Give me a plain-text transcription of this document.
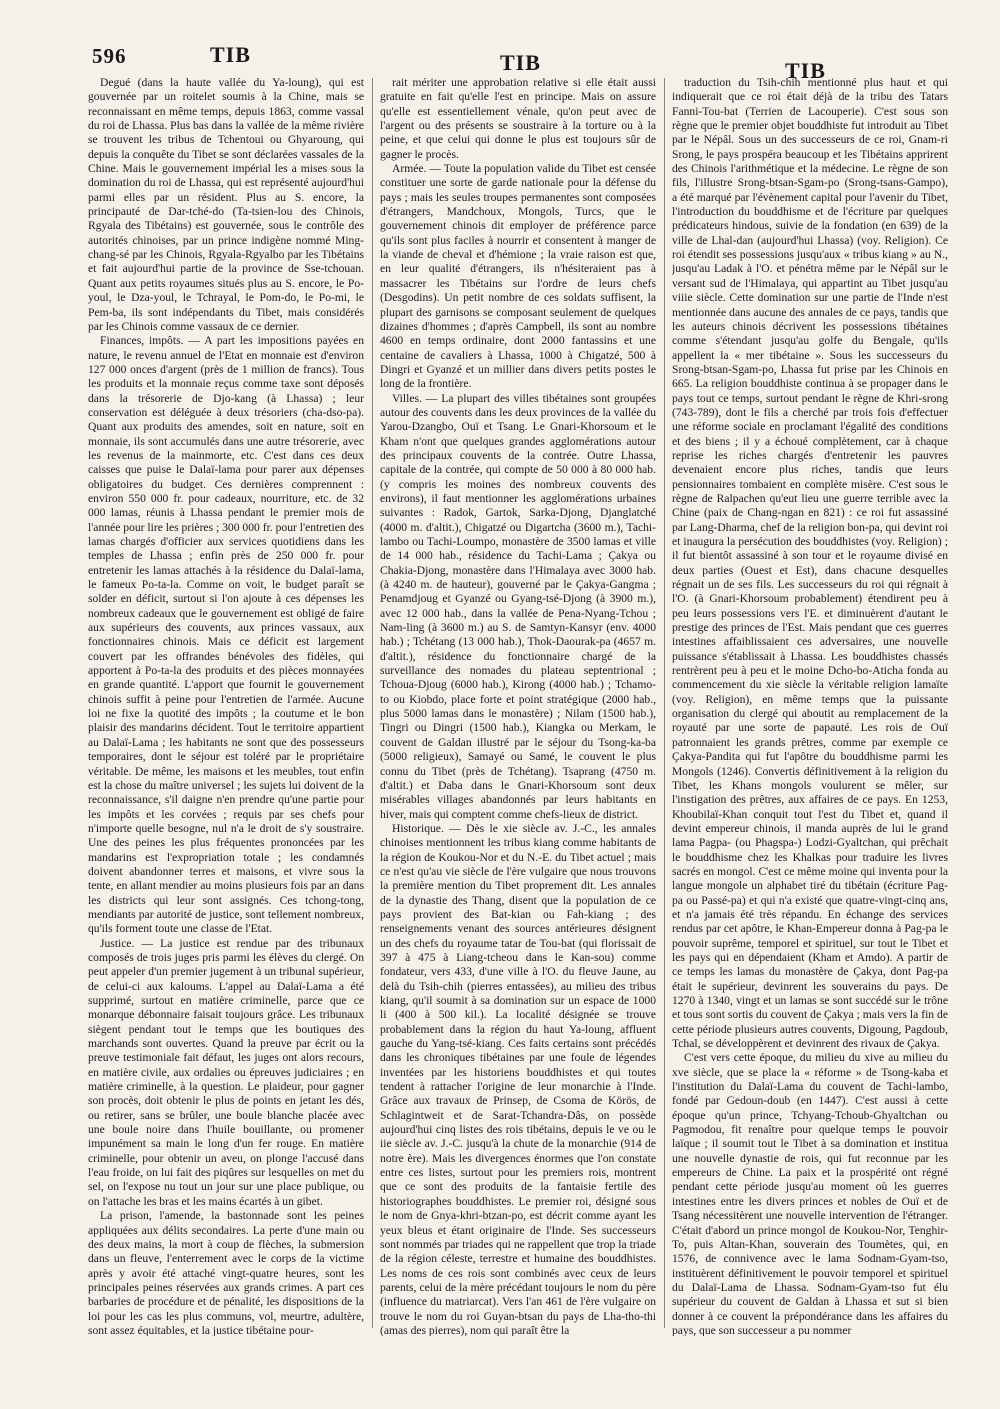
596	TIB	TIB	TIB

Degué (dans la haute vallée du Ya-loung), qui est gouvernée par un roitelet soumis à la Chine, mais se reconnaissant en même temps, depuis 1863, comme vassal du roi de Lhassa. Plus bas dans la vallée de la même rivière se trouvent les tribus de Tchentoui ou Ghyaroung, qui depuis la conquête du Tibet se sont déclarées vassales de la Chine. Mais le gouvernement impérial les a mises sous la domination du roi de Lhassa, qui est représenté aujourd'hui parmi elles par un résident. Plus au S. encore, la principauté de Dar-tché-do (Ta-tsien-lou des Chinois, Rgyala des Tibétains) est gouvernée, sous le contrôle des autorités chinoises, par un prince indigène nommé Ming-chang-sé par les Chinois, Rgyala-Rgyalbo par les Tibétains et fait aujourd'hui partie de la province de Sse-tchouan. Quant aux petits royaumes situés plus au S. encore, le Po-youl, le Dza-youl, le Tchrayal, le Pom-do, le Po-mi, le Pem-ba, ils sont indépendants du Tibet, mais considérés par les Chinois comme vassaux de ce dernier.

Finances, impôts. — A part les impositions payées en nature, le revenu annuel de l'Etat en monnaie est d'environ 127 000 onces d'argent (près de 1 million de francs). Tous les produits et la monnaie reçus comme taxe sont déposés dans la trésorerie de Djo-kang (à Lhassa) ; leur conservation est déléguée à deux trésoriers (cha-dso-pa). Quant aux produits des amendes, soit en nature, soit en monnaie, ils sont accumulés dans une autre trésorerie, avec les revenus de la mainmorte, etc. C'est dans ces deux caisses que puise le Dalaï-lama pour parer aux dépenses obligatoires du budget. Ces dernières comprennent : environ 550 000 fr. pour cadeaux, nourriture, etc. de 32 000 lamas, réunis à Lhassa pendant le premier mois de l'année pour lire les prières ; 300 000 fr. pour l'entretien des lamas chargés d'officier aux services quotidiens dans les temples de Lhassa ; enfin près de 250 000 fr. pour entretenir les lamas attachés à la résidence du Dalaï-lama, le fameux Po-ta-la. Comme on voit, le budget paraît se solder en déficit, surtout si l'on ajoute à ces dépenses les nombreux cadeaux que le gouvernement est obligé de faire aux supérieurs des couvents, aux princes vassaux, aux fonctionnaires chinois. Mais ce déficit est largement couvert par les offrandes bénévoles des fidèles, qui apportent à Po-ta-la des produits et des pièces monnayées en grande quantité. L'apport que fournit le gouvernement chinois suffit à peine pour l'entretien de l'armée. Aucune loi ne fixe la quotité des impôts ; la coutume et le bon plaisir des mandarins décident. Tout le territoire appartient au Dalaï-Lama ; les habitants ne sont que des possesseurs temporaires, dont le séjour est toléré par le propriétaire véritable. De même, les maisons et les meubles, tout enfin est la chose du maître universel ; les sujets lui doivent de la reconnaissance, s'il daigne n'en prendre qu'une partie pour les impôts et les corvées ; requis par ses chefs pour n'importe quelle besogne, nul n'a le droit de s'y soustraire. Une des peines les plus fréquentes prononcées par les mandarins est l'expropriation totale ; les condamnés doivent abandonner terres et maisons, et vivre sous la tente, en allant mendier au moins plusieurs fois par an dans les districts qui leur sont assignés. Ces tchong-tong, mendiants par autorité de justice, sont tellement nombreux, qu'ils forment toute une classe de l'Etat.

Justice. — La justice est rendue par des tribunaux composés de trois juges pris parmi les élèves du clergé. On peut appeler d'un premier jugement à un tribunal supérieur, de celui-ci aux kaloums. L'appel au Dalaï-Lama a été supprimé, surtout en matière criminelle, parce que ce monarque débonnaire faisait toujours grâce. Les tribunaux siègent pendant tout le temps que les boutiques des marchands sont ouvertes. Quand la preuve par écrit ou la preuve testimoniale fait défaut, les juges ont alors recours, en matière civile, aux ordalies ou épreuves judiciaires ; en matière criminelle, à la question. Le plaideur, pour gagner son procès, doit obtenir le plus de points en jetant les dés, ou retirer, sans se brûler, une boule blanche placée avec une boule noire dans l'huile bouillante, ou promener impunément sa main le long d'un fer rouge. En matière criminelle, pour obtenir un aveu, on plonge l'accusé dans l'eau froide, on lui fait des piqûres sur lesquelles on met du sel, on l'expose nu tout un jour sur une place publique, ou on l'attache les bras et les mains écartés à un gibet.

La prison, l'amende, la bastonnade sont les peines appliquées aux délits secondaires. La perte d'une main ou des deux mains, la mort à coup de flèches, la submersion dans un fleuve, l'enterrement avec le corps de la victime après y avoir été attaché vingt-quatre heures, sont les principales peines réservées aux grands crimes. A part ces barbaries de procédure et de pénalité, les dispositions de la loi pour les cas les plus communs, vol, meurtre, adultère, sont assez équitables, et la justice tibétaine pour-

rait mériter une approbation relative si elle était aussi gratuite en fait qu'elle l'est en principe. Mais on assure qu'elle est essentiellement vénale, qu'on peut avec de l'argent ou des présents se soustraire à la torture ou à la peine, et que celui qui donne le plus est toujours sûr de gagner le procès.

Armée. — Toute la population valide du Tibet est censée constituer une sorte de garde nationale pour la défense du pays ; mais les seules troupes permanentes sont composées d'étrangers, Mandchoux, Mongols, Turcs, que le gouvernement chinois dit employer de préférence parce qu'ils sont plus faciles à nourrir et consentent à manger de la viande de cheval et d'hémione ; la vraie raison est que, en leur qualité d'étrangers, ils n'hésiteraient pas à massacrer les Tibétains sur l'ordre de leurs chefs (Desgodins). Un petit nombre de ces soldats suffisent, la plupart des garnisons se composant seulement de quelques dizaines d'hommes ; d'après Campbell, ils sont au nombre 4600 en temps ordinaire, dont 2000 fantassins et une centaine de cavaliers à Lhassa, 1000 à Chigatzé, 500 à Dingri et Gyanzé et un millier dans divers petits postes le long de la frontière.

Villes. — La plupart des villes tibétaines sont groupées autour des couvents dans les deux provinces de la vallée du Yarou-Dzangbo, Ouï et Tsang. Le Gnari-Khorsoum et le Kham n'ont que quelques grandes agglomérations autour des principaux couvents de la contrée. Outre Lhassa, capitale de la contrée, qui compte de 50 000 à 80 000 hab. (y compris les moines des nombreux couvents des environs), il faut mentionner les agglomérations urbaines suivantes : Radok, Gartok, Sarka-Djong, Djanglatché (4000 m. d'altit.), Chigatzé ou Digartcha (3600 m.), Tachi-lambo ou Tachi-Loumpo, monastère de 3500 lamas et ville de 14 000 hab., résidence du Tachi-Lama ; Çakya ou Chakia-Djong, monastère dans l'Himalaya avec 3000 hab. (à 4240 m. de hauteur), gouverné par le Çakya-Gangma ; Penamdjoug et Gyanzé ou Gyang-tsé-Djong (à 3900 m.), avec 12 000 hab., dans la vallée de Pena-Nyang-Tchou ; Nam-ling (à 3600 m.) au S. de Samtyn-Kansyr (env. 4000 hab.) ; Tchétang (13 000 hab.), Thok-Daourak-pa (4657 m. d'altit.), résidence du fonctionnaire chargé de la surveillance des nomades du plateau septentrional ; Tchoua-Djoug (6000 hab.), Kirong (4000 hab.) ; Tchamo-to ou Kiobdo, place forte et point stratégique (2000 hab., plus 5000 lamas dans le monastère) ; Nilam (1500 hab.), Tingri ou Dingri (1500 hab.), Kiangka ou Merkam, le couvent de Galdan illustré par le séjour du Tsong-ka-ba (5000 religieux), Samayé ou Samé, le couvent le plus connu du Tibet (près de Tchétang). Tsaprang (4750 m. d'altit.) et Daba dans le Gnari-Khorsoum sont deux misérables villages abandonnés par leurs habitants en hiver, mais qui comptent comme chefs-lieux de district.

Historique. — Dès le xie siècle av. J.-C., les annales chinoises mentionnent les tribus kiang comme habitants de la région de Koukou-Nor et du N.-E. du Tibet actuel ; mais ce n'est qu'au vie siècle de l'ère vulgaire que nous trouvons la première mention du Tibet proprement dit. Les annales de la dynastie des Thang, disent que la population de ce pays provient des Bat-kian ou Fah-kiang ; des renseignements venant des sources antérieures désignent un des chefs du royaume tatar de Tou-bat (qui florissait de 397 à 475 à Liang-tcheou dans le Kan-sou) comme fondateur, vers 433, d'une ville à l'O. du fleuve Jaune, au delà du Tsih-chih (pierres entassées), au milieu des tribus kiang, qu'il soumit à sa domination sur un espace de 1000 li (400 à 500 kil.). La localité désignée se trouve probablement dans la région du haut Ya-loung, affluent gauche du Yang-tsé-kiang. Ces faits certains sont précédés dans les chroniques tibétaines par une foule de légendes inventées par les historiens bouddhistes et qui toutes tendent à rattacher l'origine de leur monarchie à l'Inde. Grâce aux travaux de Prinsep, de Csoma de Körös, de Schlagintweit et de Sarat-Tchandra-Dâs, on possède aujourd'hui cinq listes des rois tibétains, depuis le ve ou le iie siècle av. J.-C. jusqu'à la chute de la monarchie (914 de notre ère). Mais les divergences énormes que l'on constate entre ces listes, surtout pour les premiers rois, montrent que ce sont des produits de la fantaisie fertile des historiographes bouddhistes. Le premier roi, désigné sous le nom de Gnya-khri-btzan-po, est décrit comme ayant les yeux bleus et étant originaire de l'Inde. Ses successeurs sont nommés par triades qui ne rappellent que trop la triade de la région céleste, terrestre et humaine des bouddhistes. Les noms de ces rois sont combinés avec ceux de leurs parents, celui de la mère précédant toujours le nom du père (influence du matriarcat). Vers l'an 461 de l'ère vulgaire on trouve le nom du roi Guyan-btsan du pays de Lha-tho-thi (amas des pierres), nom qui paraît être la

traduction du Tsih-chih mentionné plus haut et qui indiquerait que ce roi était déjà de la tribu des Tatars Fanni-Tou-bat (Terrien de Lacouperie). C'est sous son règne que le premier objet bouddhiste fut introduit au Tibet par le Népâl. Sous un des successeurs de ce roi, Gnam-ri Srong, le pays prospéra beaucoup et les Tibétains apprirent des Chinois l'arithmétique et la médecine. Le règne de son fils, l'illustre Srong-btsan-Sgam-po (Srong-tsans-Gampo), a été marqué par l'évènement capital pour l'avenir du Tibet, l'introduction du bouddhisme et de l'écriture par quelques prédicateurs hindous, suivie de la fondation (en 639) de la ville de Lhal-dan (aujourd'hui Lhassa) (voy. Religion). Ce roi étendit ses possessions jusqu'aux « tribus kiang » au N., jusqu'au Ladak à l'O. et pénétra même par le Népâl sur le versant sud de l'Himalaya, qui appartint au Tibet jusqu'au viiie siècle. Cette domination sur une partie de l'Inde n'est mentionnée dans aucune des annales de ce pays, tandis que les auteurs chinois décrivent les possessions tibétaines comme s'étendant jusqu'au golfe du Bengale, qu'ils appellent la « mer tibétaine ». Sous les successeurs du Srong-btsan-Sgam-po, Lhassa fut prise par les Chinois en 665. La religion bouddhiste continua à se propager dans le pays tout ce temps, surtout pendant le règne de Khri-srong (743-789), dont le fils a cherché par trois fois d'effectuer une réforme sociale en proclamant l'égalité des conditions et des biens ; il y a échoué complètement, car à chaque reprise les riches chargés d'entretenir les pauvres devenaient encore plus riches, tandis que leurs pensionnaires tombaient en complète misère. C'est sous le règne de Ralpachen qu'eut lieu une guerre terrible avec la Chine (paix de Chang-ngan en 821) : ce roi fut assassiné par Lang-Dharma, chef de la religion bon-pa, qui devint roi et inaugura la persécution des bouddhistes (voy. Religion) ; il fut bientôt assassiné à son tour et le royaume divisé en deux parties (Ouest et Est), dans chacune desquelles régnait un de ses fils. Les successeurs du roi qui régnait à l'O. (à Gnari-Khorsoum probablement) étendirent peu à peu leurs possessions vers l'E. et diminuèrent d'autant le prestige des princes de l'Est. Mais pendant que ces guerres intestines affaiblissaient ces adversaires, une nouvelle puissance s'établissait à Lhassa. Les bouddhistes chassés rentrèrent peu à peu et le moine Dcho-bo-Aticha fonda au commencement du xie siècle la véritable religion lamaïte (voy. Religion), en même temps que la puissante organisation du clergé qui aboutit au remplacement de la royauté par une sorte de papauté. Les rois de Ouï patronnaient les grands prêtres, comme par exemple ce Çakya-Pandita qui fut l'apôtre du bouddhisme parmi les Mongols (1246). Convertis définitivement à la religion du Tibet, les Khans mongols voulurent se mêler, sur l'instigation des prêtres, aux affaires de ce pays. En 1253, Khoubilaï-Khan conquit tout l'est du Tibet et, quand il devint empereur chinois, il manda auprès de lui le grand lama Pagpa- (ou Phagspa-) Lodzi-Gyaltchan, qui prêchait le bouddhisme chez les Khalkas pour traduire les livres sacrés en mongol. C'est ce même moine qui inventa pour la langue mongole un alphabet tiré du tibétain (écriture Pag-pa ou Passé-pa) et qui n'a existé que quatre-vingt-cinq ans, et n'a jamais été très répandu. En échange des services rendus par cet apôtre, le Khan-Empereur donna à Pag-pa le pouvoir suprême, temporel et spirituel, sur tout le Tibet et les pays qui en dépendaient (Kham et Amdo). A partir de ce temps les lamas du monastère de Çakya, dont Pag-pa était le supérieur, devinrent les souverains du pays. De 1270 à 1340, vingt et un lamas se sont succédé sur le trône et tous sont sortis du couvent de Çakya ; mais vers la fin de cette période plusieurs autres couvents, Digoung, Pagdoub, Tchal, se développèrent et devinrent des rivaux de Çakya.

C'est vers cette époque, du milieu du xive au milieu du xve siècle, que se place la « réforme » de Tsong-kaba et l'institution du Dalaï-Lama du couvent de Tachi-lambo, fondé par Gedoun-doub (en 1447). C'est aussi à cette époque qu'un prince, Tchyang-Tchoub-Ghyaltchan ou Pagmodou, fit renaître pour quelque temps le pouvoir laïque ; il soumit tout le Tibet à sa domination et institua une nouvelle dynastie de rois, qui fut reconnue par les empereurs de Chine. La paix et la prospérité ont régné pendant cette période jusqu'au moment où les guerres intestines entre les divers princes et nobles de Ouï et de Tsang nécessitèrent une nouvelle intervention de l'étranger. C'était d'abord un prince mongol de Koukou-Nor, Tenghir-To, puis Altan-Khan, souverain des Toumètes, qui, en 1576, de connivence avec le lama Sodnam-Gyam-tso, instituèrent définitivement le pouvoir temporel et spirituel du Dalaï-Lama de Lhassa. Sodnam-Gyam-tso fut élu supérieur du couvent de Galdan à Lhassa et sut si bien donner à ce couvent la prépondérance dans les affaires du pays, que son successeur a pu nommer
